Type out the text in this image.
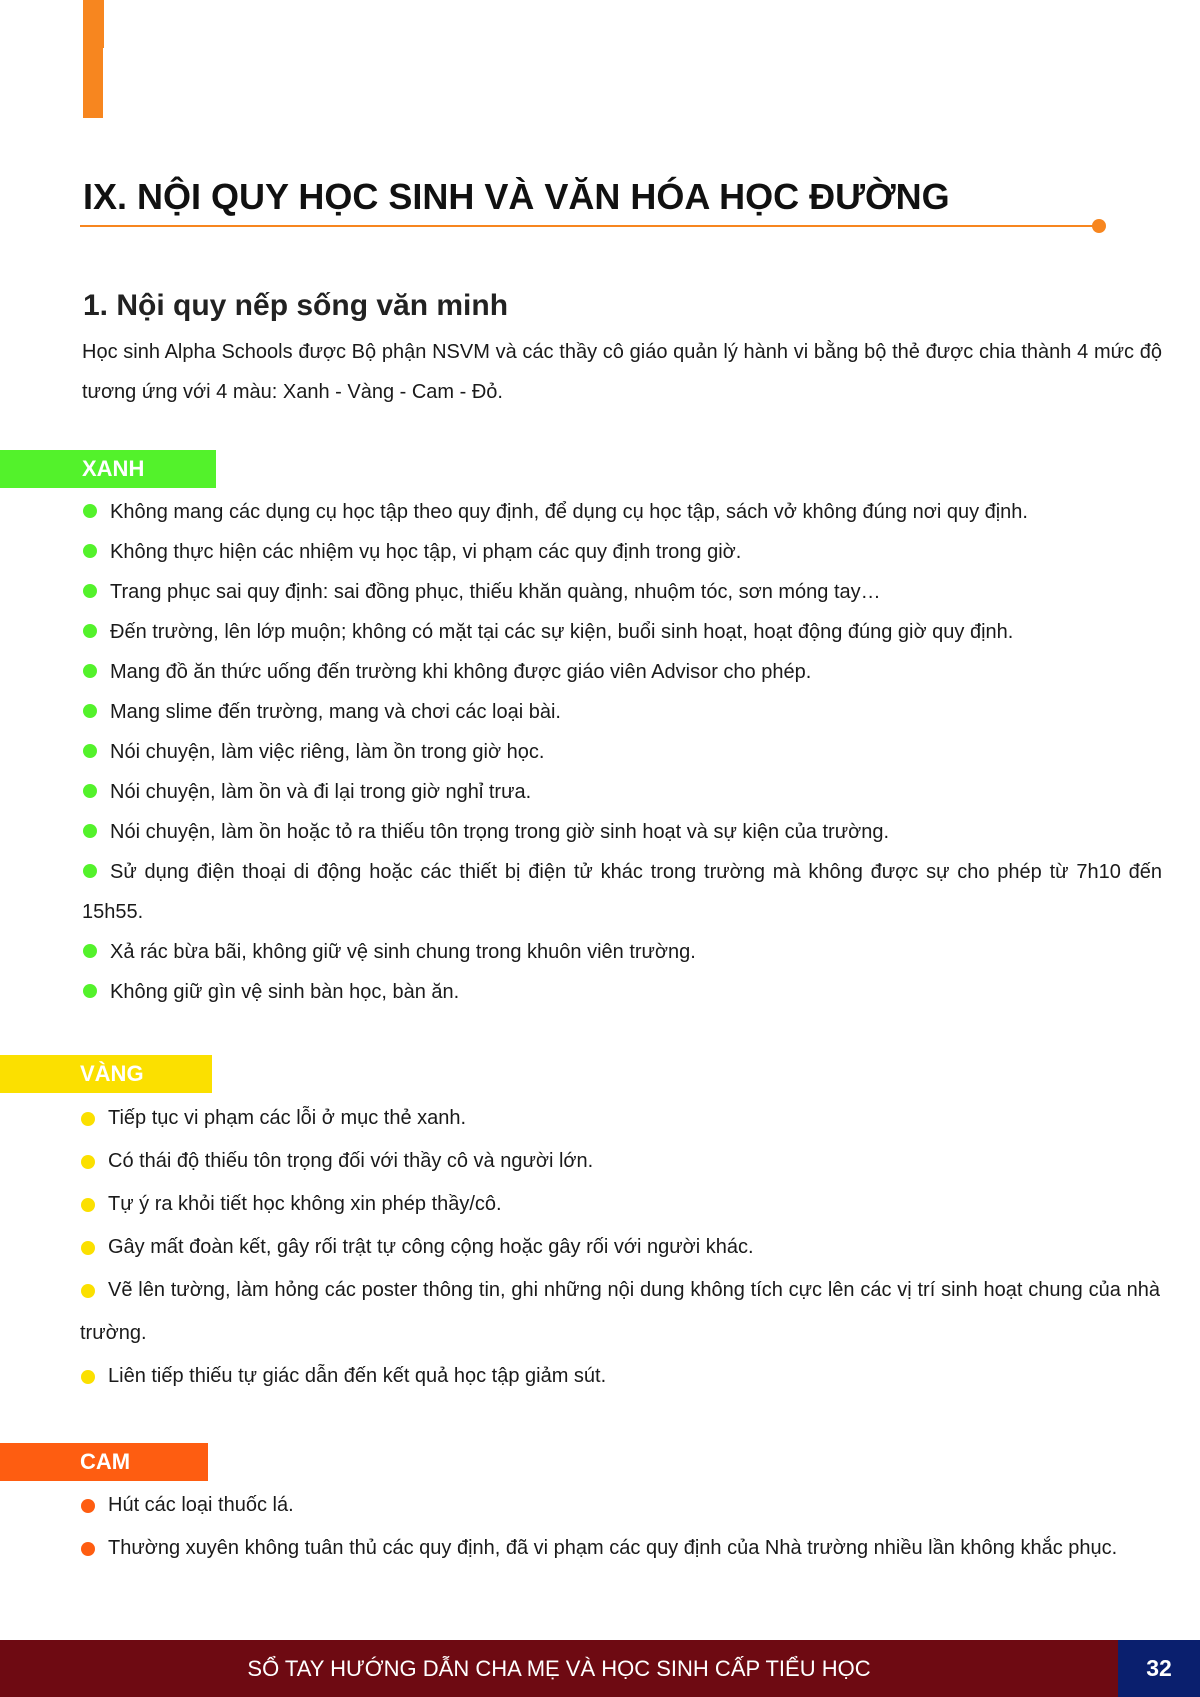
IX. NỘI QUY HỌC SINH VÀ VĂN HÓA HỌC ĐƯỜNG
1. Nội quy nếp sống văn minh

Học sinh Alpha Schools được Bộ phận NSVM và các thầy cô giáo quản lý hành vi bằng bộ thẻ được chia thành 4 mức độ tương ứng với 4 màu: Xanh - Vàng - Cam - Đỏ.

XANH
Không mang các dụng cụ học tập theo quy định, để dụng cụ học tập, sách vở không đúng nơi quy định.
Không thực hiện các nhiệm vụ học tập, vi phạm các quy định trong giờ.
Trang phục sai quy định: sai đồng phục, thiếu khăn quàng, nhuộm tóc, sơn móng tay…
Đến trường, lên lớp muộn; không có mặt tại các sự kiện, buổi sinh hoạt, hoạt động đúng giờ quy định.
Mang đồ ăn thức uống đến trường khi không được giáo viên Advisor cho phép.
Mang slime đến trường, mang và chơi các loại bài.
Nói chuyện, làm việc riêng, làm ồn trong giờ học.
Nói chuyện, làm ồn và đi lại trong giờ nghỉ trưa.
Nói chuyện, làm ồn hoặc tỏ ra thiếu tôn trọng trong giờ sinh hoạt và sự kiện của trường.
Sử dụng điện thoại di động hoặc các thiết bị điện tử khác trong trường mà không được sự cho phép từ 7h10 đến 15h55.
Xả rác bừa bãi, không giữ vệ sinh chung trong khuôn viên trường.
Không giữ gìn vệ sinh bàn học, bàn ăn.
VÀNG
Tiếp tục vi phạm các lỗi ở mục thẻ xanh.
Có thái độ thiếu tôn trọng đối với thầy cô và người lớn.
Tự ý ra khỏi tiết học không xin phép thầy/cô.
Gây mất đoàn kết, gây rối trật tự công cộng hoặc gây rối với người khác.
Vẽ lên tường, làm hỏng các poster thông tin, ghi những nội dung không tích cực lên các vị trí sinh hoạt chung của nhà trường.
Liên tiếp thiếu tự giác dẫn đến kết quả học tập giảm sút.
CAM
Hút các loại thuốc lá.
Thường xuyên không tuân thủ các quy định, đã vi phạm các quy định của Nhà trường nhiều lần không khắc phục.
SỔ TAY HƯỚNG DẪN CHA MẸ VÀ HỌC SINH CẤP TIỂU HỌC	32
